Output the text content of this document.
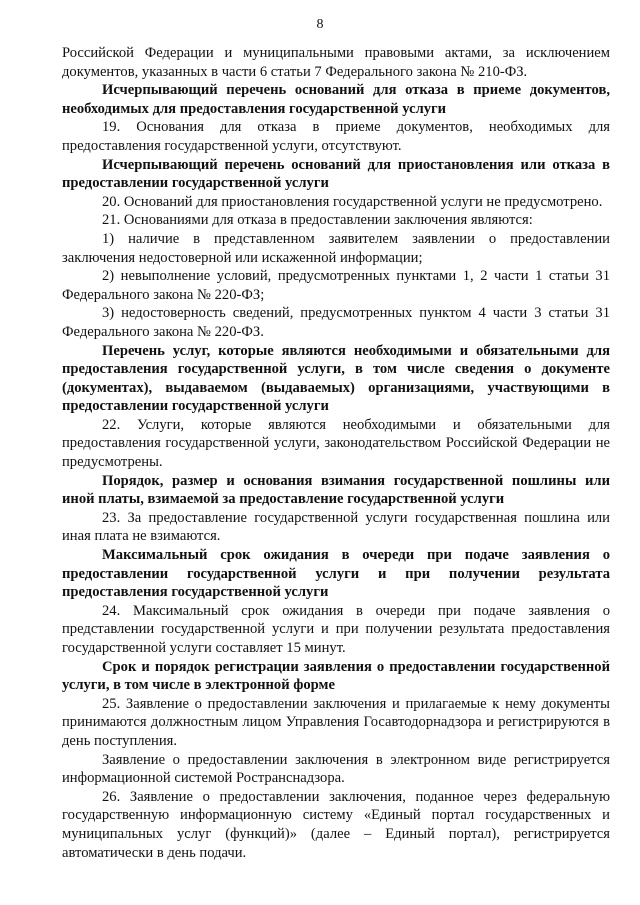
8

Российской Федерации и муниципальными правовыми актами, за исключением документов, указанных в части 6 статьи 7 Федерального закона № 210-ФЗ.

Исчерпывающий перечень оснований для отказа в приеме документов, необходимых для предоставления государственной услуги

19. Основания для отказа в приеме документов, необходимых для предоставления государственной услуги, отсутствуют.

Исчерпывающий перечень оснований для приостановления или отказа в предоставлении государственной услуги

20. Оснований для приостановления государственной услуги не предусмотрено.

21. Основаниями для отказа в предоставлении заключения являются:

1) наличие в представленном заявителем заявлении о предоставлении заключения недостоверной или искаженной информации;

2) невыполнение условий, предусмотренных пунктами 1, 2 части 1 статьи 31 Федерального закона № 220-ФЗ;

3) недостоверность сведений, предусмотренных пунктом 4 части 3 статьи 31 Федерального закона № 220-ФЗ.

Перечень услуг, которые являются необходимыми и обязательными для предоставления государственной услуги, в том числе сведения о документе (документах), выдаваемом (выдаваемых) организациями, участвующими в предоставлении государственной услуги

22. Услуги, которые являются необходимыми и обязательными для предоставления государственной услуги, законодательством Российской Федерации не предусмотрены.

Порядок, размер и основания взимания государственной пошлины или иной платы, взимаемой за предоставление государственной услуги

23. За предоставление государственной услуги государственная пошлина или иная плата не взимаются.

Максимальный срок ожидания в очереди при подаче заявления о предоставлении государственной услуги и при получении результата предоставления государственной услуги

24. Максимальный срок ожидания в очереди при подаче заявления о представлении государственной услуги и при получении результата предоставления государственной услуги составляет 15 минут.

Срок и порядок регистрации заявления о предоставлении государственной услуги, в том числе в электронной форме

25. Заявление о предоставлении заключения и прилагаемые к нему документы принимаются должностным лицом Управления Госавтодорнадзора и регистрируются в день поступления.

Заявление о предоставлении заключения в электронном виде регистрируется информационной системой Ространснадзора.

26. Заявление о предоставлении заключения, поданное через федеральную государственную информационную систему «Единый портал государственных и муниципальных услуг (функций)» (далее – Единый портал), регистрируется автоматически в день подачи.
